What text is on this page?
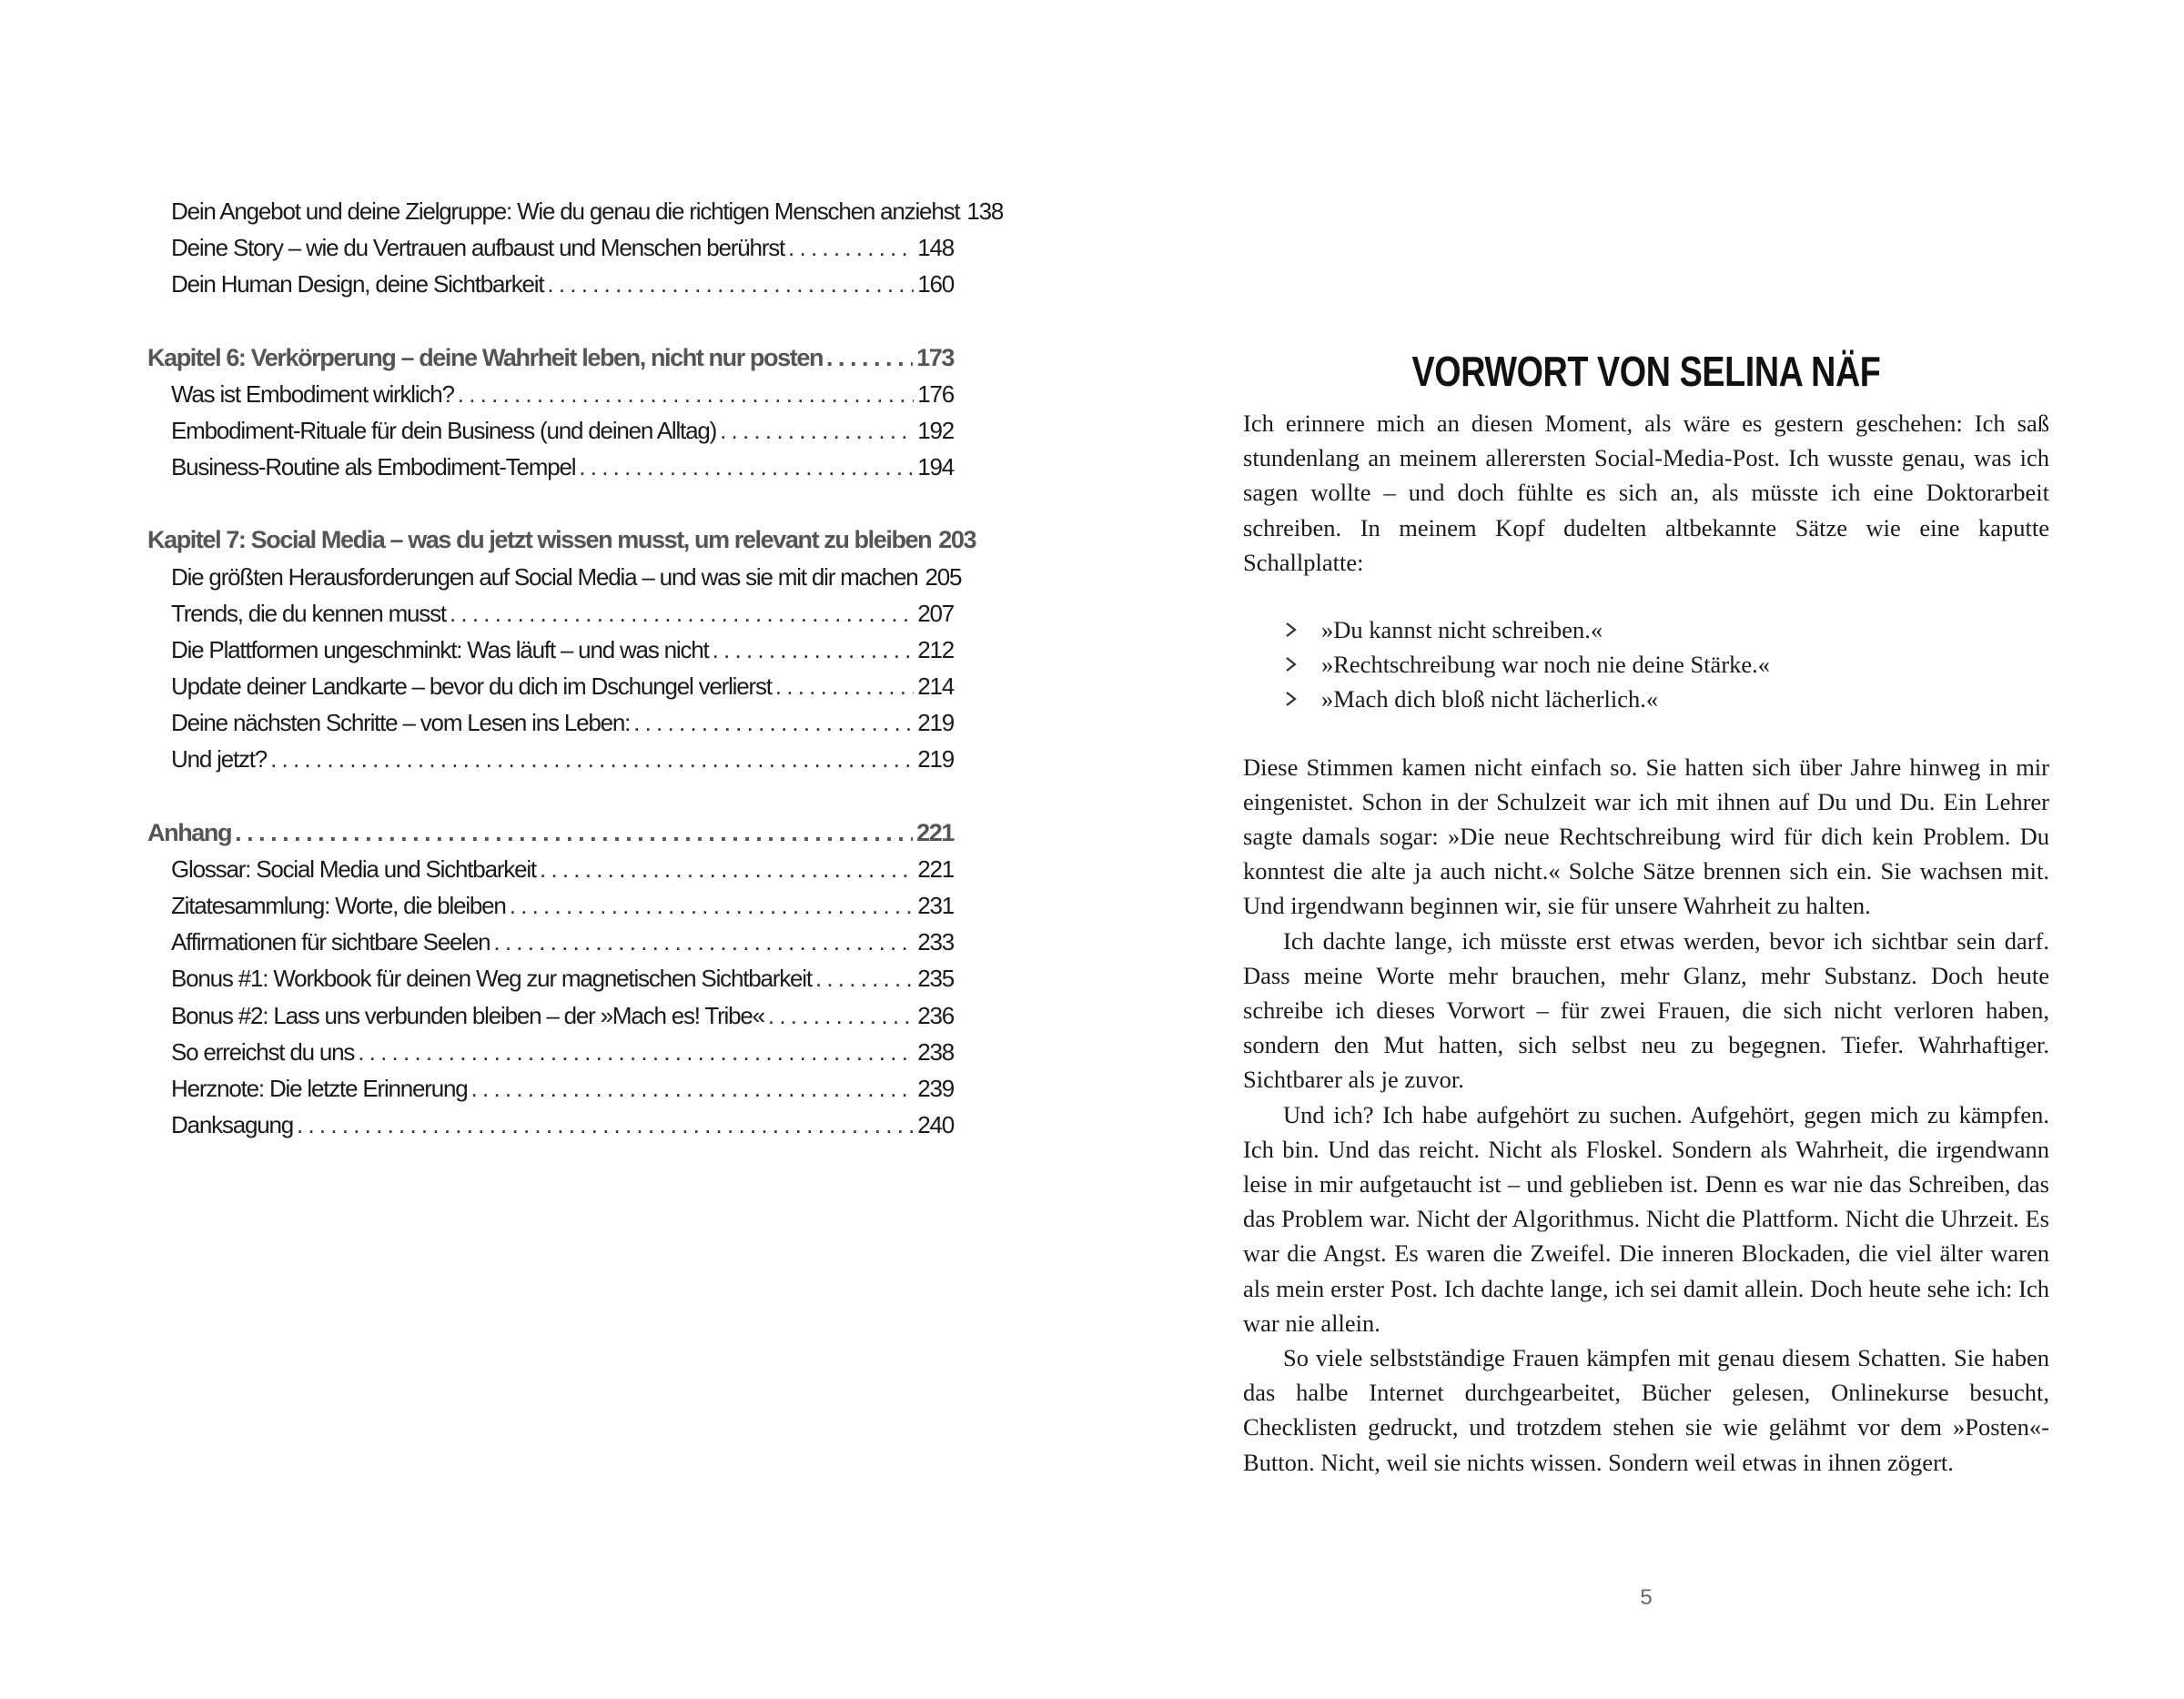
Dein Angebot und deine Zielgruppe: Wie du genau die richtigen Menschen anziehst 138
Deine Story – wie du Vertrauen aufbaust und Menschen berührst . . .	148
Dein Human Design, deine Sichtbarkeit . . .	160
Kapitel 6: Verkörperung – deine Wahrheit leben, nicht nur posten . . .	173
Was ist Embodiment wirklich? . . .	176
Embodiment-Rituale für dein Business (und deinen Alltag) . . .	192
Business-Routine als Embodiment-Tempel . . .	194
Kapitel 7: Social Media – was du jetzt wissen musst, um relevant zu bleiben 203
Die größten Herausforderungen auf Social Media – und was sie mit dir machen 205
Trends, die du kennen musst . . .	207
Die Plattformen ungeschminkt: Was läuft – und was nicht . . .	212
Update deiner Landkarte – bevor du dich im Dschungel verlierst . . .	214
Deine nächsten Schritte – vom Lesen ins Leben: . . .	219
Und jetzt? . . .	219
Anhang . . .	221
Glossar: Social Media und Sichtbarkeit . . .	221
Zitatesammlung: Worte, die bleiben . . .	231
Affirmationen für sichtbare Seelen . . .	233
Bonus #1: Workbook für deinen Weg zur magnetischen Sichtbarkeit . . .	235
Bonus #2: Lass uns verbunden bleiben – der »Mach es! Tribe« . . .	236
So erreichst du uns . . .	238
Herznote: Die letzte Erinnerung . . .	239
Danksagung . . .	240
VORWORT VON SELINA NÄF

Ich erinnere mich an diesen Moment, als wäre es gestern geschehen: Ich saß stundenlang an meinem allerersten Social-Media-Post. Ich wusste genau, was ich sagen wollte – und doch fühlte es sich an, als müsste ich eine Doktorarbeit schreiben. In meinem Kopf dudelten altbekannte Sätze wie eine kaputte Schallplatte:

»Du kannst nicht schreiben.«
»Rechtschreibung war noch nie deine Stärke.«
»Mach dich bloß nicht lächerlich.«

Diese Stimmen kamen nicht einfach so. Sie hatten sich über Jahre hinweg in mir eingenistet. Schon in der Schulzeit war ich mit ihnen auf Du und Du. Ein Lehrer sagte damals sogar: »Die neue Rechtschreibung wird für dich kein Problem. Du konntest die alte ja auch nicht.« Solche Sätze brennen sich ein. Sie wachsen mit. Und irgendwann beginnen wir, sie für unsere Wahrheit zu halten.

Ich dachte lange, ich müsste erst etwas werden, bevor ich sichtbar sein darf. Dass meine Worte mehr brauchen, mehr Glanz, mehr Substanz. Doch heute schreibe ich dieses Vorwort – für zwei Frauen, die sich nicht verloren haben, sondern den Mut hatten, sich selbst neu zu begegnen. Tiefer. Wahrhaftiger. Sichtbarer als je zuvor.

Und ich? Ich habe aufgehört zu suchen. Aufgehört, gegen mich zu kämpfen. Ich bin. Und das reicht. Nicht als Floskel. Sondern als Wahrheit, die irgendwann leise in mir aufgetaucht ist – und geblieben ist. Denn es war nie das Schreiben, das das Problem war. Nicht der Algorithmus. Nicht die Plattform. Nicht die Uhrzeit. Es war die Angst. Es waren die Zweifel. Die inneren Blockaden, die viel älter waren als mein erster Post. Ich dachte lange, ich sei damit allein. Doch heute sehe ich: Ich war nie allein.

So viele selbstständige Frauen kämpfen mit genau diesem Schatten. Sie haben das halbe Internet durchgearbeitet, Bücher gelesen, Onlinekurse besucht, Checklisten gedruckt, und trotzdem stehen sie wie gelähmt vor dem »Posten«-Button. Nicht, weil sie nichts wissen. Sondern weil etwas in ihnen zögert.

5
